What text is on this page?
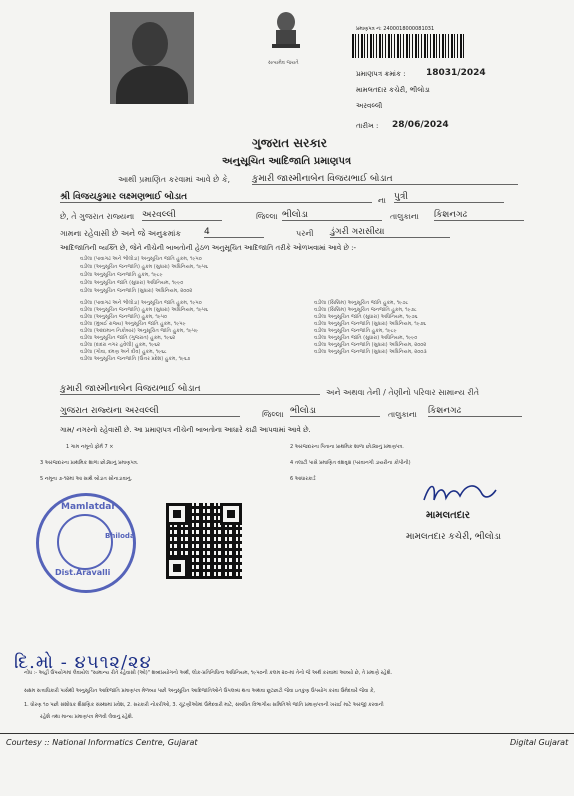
સત્યમેવ જયતે
પ્રમાણપત્ર નં: 2400018000081031
પ્રમાણપત્ર ક્રમાંક : 18031/2024
મામલતદાર કચેરી, ભીલોડા
અરવલ્લી
તારીખ : 28/06/2024
ગુજરાત સરકાર
અનુસૂચિત આદિજાતિ પ્રમાણપત્ર
આથી પ્રમાણિત કરવામાં આવે છે કે, કુમારી જાસ્મીનાબેન વિજયભાઈ બોડાત
શ્રી વિજયકુમાર લક્ષ્મણભાઈ બોડાત	ના પુત્રી
છે, તે ગુજરાત રાજ્યના અરવલ્લી	જિલ્લા ભીલોડા	તાલુકાના કિશનગઢ
ગામના રહેવાસી છે અને જે અનુક્રમાંક	4	પરની ડુંગરી ગરાસીયા
આદિજાતિની વ્યક્તિ છે, જેને નીચેની બાબતોની હેઠળ અનુસૂચિત આદિજાતિ તરીકે ઓળખવામાં આવે છે :-
વડીલા (પાવાગઢ અને ભીલોડા) અનુસૂચિત જાતિ હુકમ, ૧૯૫૦
વડીલા (અનુસૂચિત જનજાતિ) હુકમ (સુધારા) અધિનિયમ, ૧૯૫૬
વડીલા અનુસૂચિત જનજાતિ હુકમ, ૧૯૮૯
વડીલા અનુસૂચિત જાતિ (સુધારા) અધિનિયમ, ૧૯૯૦
વડીલા અનુસૂચિત જનજાતિ (સુધારા) અધિનિયમ, ૨૦૦૨
વડીલા (પાવાગઢ અને ભીલોડા) અનુસૂચિત જાતિ હુકમ, ૧૯૫૦
વડીલા (અનુસૂચિત જનજાતિ) હુકમ (સુધારા) અધિનિયમ, ૧૯૫૬
વડીલા (અનુસૂચિત જનજાતિ) હુકમ, ૧૯૫૦
વડીલા (મુંબઈ રાજ્ય) અનુસૂચિત જાતિ હુકમ, ૧૯૫૯
વડીલા (આંદામાન નિકોબાર) અનુસૂચિત જાતિ હુકમ, ૧૯૫૯
વડીલા અનુસૂચિત જાતિ (ગુજરાત) હુકમ, ૧૯૬૨
વડીલા (દાદરા નગર હવેલી) હુકમ, ૧૯૬૨
વડીલા (ગોવા, દમણ અને દીવ) હુકમ, ૧૯૬૮
વડીલા અનુસૂચિત જનજાતિ (ઉત્તર પ્રદેશ) હુકમ, ૧૯૬૭
વડીલા (સિક્કિમ) અનુસૂચિત જાતિ હુકમ, ૧૯૭૮
વડીલા (સિક્કિમ) અનુસૂચિત જનજાતિ હુકમ, ૧૯૭૮
વડીલા અનુસૂચિત જાતિ (સુધારા) અધિનિયમ, ૧૯૭૬
વડીલા અનુસૂચિત જનજાતિ (સુધારા) અધિનિયમ, ૧૯૭૬
વડીલા અનુસૂચિત જનજાતિ હુકમ, ૧૯૮૯
વડીલા અનુસૂચિત જાતિ (સુધારા) અધિનિયમ, ૧૯૯૦
વડીલા અનુસૂચિત જનજાતિ (સુધારા) અધિનિયમ, ૨૦૦૨
વડીલા અનુસૂચિત જનજાતિ (સુધારા) અધિનિયમ, ૨૦૦૩
કુમારી જાસ્મીનાબેન વિજયભાઈ બોડાત	અને અથવા તેની / તેણીનો પરિવાર સામાન્ય રીતે
ગુજરાત રાજ્યના અરવલ્લી	જિલ્લા ભીલોડા	તાલુકાના કિશનગઢ
ગામ/ નગરનો રહેવાસી છે. આ પ્રમાણપત્ર નીચેની બાબતોના આધારે કાઢી આપવામાં આવે છે.
1 ગામ નમૂનો ફોર્મ 7 ×	2 અરજદારના પિતાના પ્રાથમિક શાળા છોડ્યાનું પ્રમાણપત્ર.
3 અરજદારના પ્રાથમિક શાળા છોડ્યાનું પ્રમાણપત્ર.	4 તલાટી પાસે પ્રમાણિત વંશવૃક્ષ (પરવાનગી ડાયરીના કોપીની)
5 નમૂના ૭-૧૨માં આ સાથે બોડાત સોનાડાવાનું.	6 આધારકાર્ડ
Mamlatdar
Bhiloda
Dist.Aravalli
મામલતદાર
મામલતદાર કચેરી, ભીલોડા
દિ.મો - ૪૫૧૨/૨૪
નોંધ :- અહીં ઉપયોગમાં લેવાયેલ "સામાન્ય રીતે રહેવાસી (ઓ)" શબ્દપ્રયોગનો અર્થ, લોક-પ્રતિનિધિત્વ અધિનિયમ, ૧૯૫૦ની કલમ ૨૦-માં તેનો જે અર્થ કરવામાં આવ્યો છે, તે પ્રમાણે રહેશે.
સક્ષમ સત્તાધિકારી પાસેથી અનુસૂચિત આદિજાતિ પ્રમાણપત્ર મેળવ્યા પછી અનુસૂચિત આદિજાતિઓને ઉપલબ્ધ થતા અથવા છૂટછાટો જેવા ઇતકુણ ઉપયોગ કરવા ઉમેદવારે જેવા કે,
1. ધોરણ ૧૦ પછી સંશોધક શૈક્ષણિક સંસ્થામાં પ્રવેશ, 2. સરકારી નોકરીઓ, 3. ચૂંટણીઓમાં ઉમેદવારી માટે, સંબંધિત વિભાગીય સમિતિએ જાતિ પ્રમાણપત્રની ખરાઈ માટે અરજી કરવાની
રહેશે તથા માન્ય પ્રમાણપત્ર મેળવી લેવાનું રહેશે.
Courtesy :: National Informatics Centre, Gujarat	Digital Gujarat
